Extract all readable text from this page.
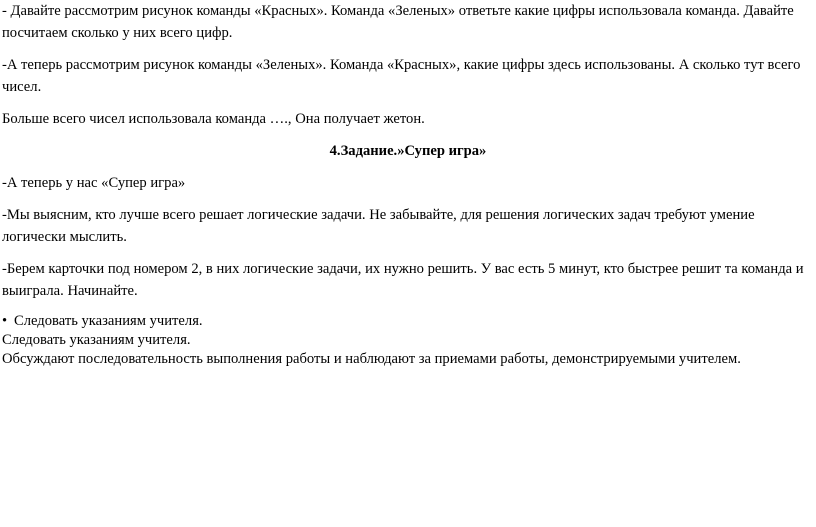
- Давайте рассмотрим рисунок команды «Красных». Команда «Зеленых» ответьте какие цифры использовала команда. Давайте посчитаем сколько у них всего цифр.

-А теперь рассмотрим рисунок команды «Зеленых». Команда «Красных», какие цифры здесь использованы. А сколько тут всего чисел.

Больше всего чисел использовала команда …., Она получает жетон.

4.Задание.»Супер игра»

-А теперь у нас «Супер игра»

-Мы выясним, кто лучше всего решает логические задачи. Не забывайте, для решения логических задач требуют умение логически мыслить.

-Берем карточки под номером 2, в них логические задачи, их нужно решить. У вас есть 5 минут, кто быстрее решит та команда и выиграла. Начинайте.

• Следовать указаниям учителя.

Следовать указаниям учителя.

Обсуждают последовательность выполнения работы и наблюдают за приемами работы, демонстрируемыми учителем.
